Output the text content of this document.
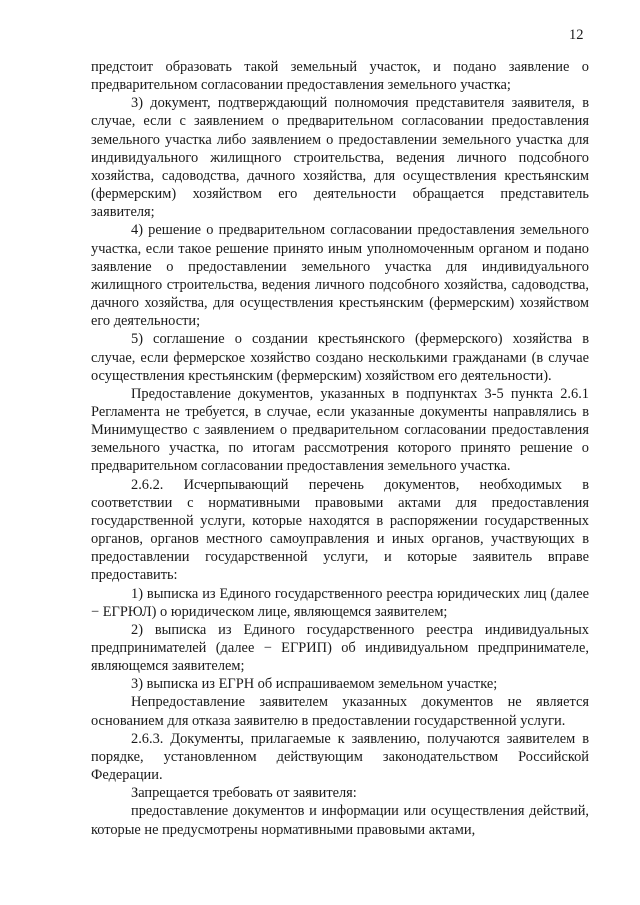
12

предстоит образовать такой земельный участок, и подано заявление о предварительном согласовании предоставления земельного участка;

3) документ, подтверждающий полномочия представителя заявителя, в случае, если с заявлением о предварительном согласовании предоставления земельного участка либо заявлением о предоставлении земельного участка для индивидуального жилищного строительства, ведения личного подсобного хозяйства, садоводства, дачного хозяйства, для осуществления крестьянским (фермерским) хозяйством его деятельности обращается представитель заявителя;

4) решение о предварительном согласовании предоставления земельного участка, если такое решение принято иным уполномоченным органом и подано заявление о предоставлении земельного участка для индивидуального жилищного строительства, ведения личного подсобного хозяйства, садоводства, дачного хозяйства, для осуществления крестьянским (фермерским) хозяйством его деятельности;

5) соглашение о создании крестьянского (фермерского) хозяйства в случае, если фермерское хозяйство создано несколькими гражданами (в случае осуществления крестьянским (фермерским) хозяйством его деятельности).

Предоставление документов, указанных в подпунктах 3-5 пункта 2.6.1 Регламента не требуется, в случае, если указанные документы направлялись в Минимущество с заявлением о предварительном согласовании предоставления земельного участка, по итогам рассмотрения которого принято решение о предварительном согласовании предоставления земельного участка.

2.6.2. Исчерпывающий перечень документов, необходимых в соответствии с нормативными правовыми актами для предоставления государственной услуги, которые находятся в распоряжении государственных органов, органов местного самоуправления и иных органов, участвующих в предоставлении государственной услуги, и которые заявитель вправе предоставить:

1) выписка из Единого государственного реестра юридических лиц (далее − ЕГРЮЛ) о юридическом лице, являющемся заявителем;

2) выписка из Единого государственного реестра индивидуальных предпринимателей (далее − ЕГРИП) об индивидуальном предпринимателе, являющемся заявителем;

3) выписка из ЕГРН об испрашиваемом земельном участке;

Непредоставление заявителем указанных документов не является основанием для отказа заявителю в предоставлении государственной услуги.

2.6.3. Документы, прилагаемые к заявлению, получаются заявителем в порядке, установленном действующим законодательством Российской Федерации.

Запрещается требовать от заявителя:

предоставление документов и информации или осуществления действий, которые не предусмотрены нормативными правовыми актами,
